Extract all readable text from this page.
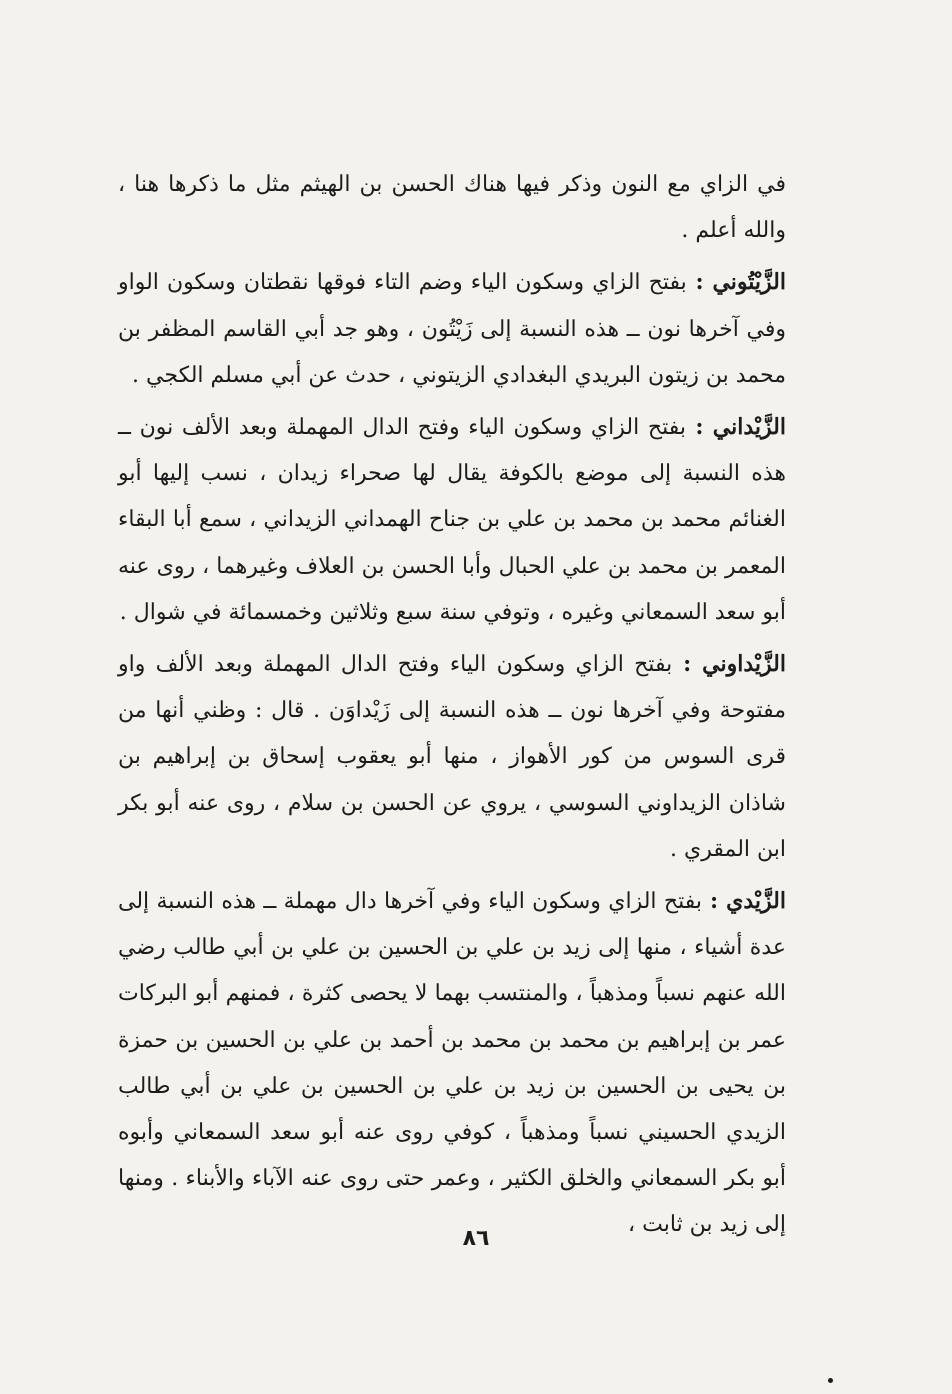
في الزاي مع النون وذكر فيها هناك الحسن بن الهيثم مثل ما ذكرها هنا ، والله أعلم .

الزَّيْتُوني : بفتح الزاي وسكون الياء وضم التاء فوقها نقطتان وسكون الواو وفي آخرها نون ــ هذه النسبة إلى زَيْتُون ، وهو جد أبي القاسم المظفر بن محمد بن زيتون البريدي البغدادي الزيتوني ، حدث عن أبي مسلم الكجي .

الزَّيْداني : بفتح الزاي وسكون الياء وفتح الدال المهملة وبعد الألف نون ــ هذه النسبة إلى موضع بالكوفة يقال لها صحراء زيدان ، نسب إليها أبو الغنائم محمد بن محمد بن علي بن جناح الهمداني الزيداني ، سمع أبا البقاء المعمر بن محمد بن علي الحبال وأبا الحسن بن العلاف وغيرهما ، روى عنه أبو سعد السمعاني وغيره ، وتوفي سنة سبع وثلاثين وخمسمائة في شوال .

الزَّيْداوني : بفتح الزاي وسكون الياء وفتح الدال المهملة وبعد الألف واو مفتوحة وفي آخرها نون ــ هذه النسبة إلى زَيْداوَن . قال : وظني أنها من قرى السوس من كور الأهواز ، منها أبو يعقوب إسحاق بن إبراهيم بن شاذان الزيداوني السوسي ، يروي عن الحسن بن سلام ، روى عنه أبو بكر ابن المقري .

الزَّيْدي : بفتح الزاي وسكون الياء وفي آخرها دال مهملة ــ هذه النسبة إلى عدة أشياء ، منها إلى زيد بن علي بن الحسين بن علي بن أبي طالب رضي الله عنهم نسباً ومذهباً ، والمنتسب بهما لا يحصى كثرة ، فمنهم أبو البركات عمر بن إبراهيم بن محمد بن محمد بن أحمد بن علي بن الحسين بن حمزة بن يحيى بن الحسين بن زيد بن علي بن الحسين بن علي بن أبي طالب الزيدي الحسيني نسباً ومذهباً ، كوفي روى عنه أبو سعد السمعاني وأبوه أبو بكر السمعاني والخلق الكثير ، وعمر حتى روى عنه الآباء والأبناء . ومنها إلى زيد بن ثابت ،

٨٦
